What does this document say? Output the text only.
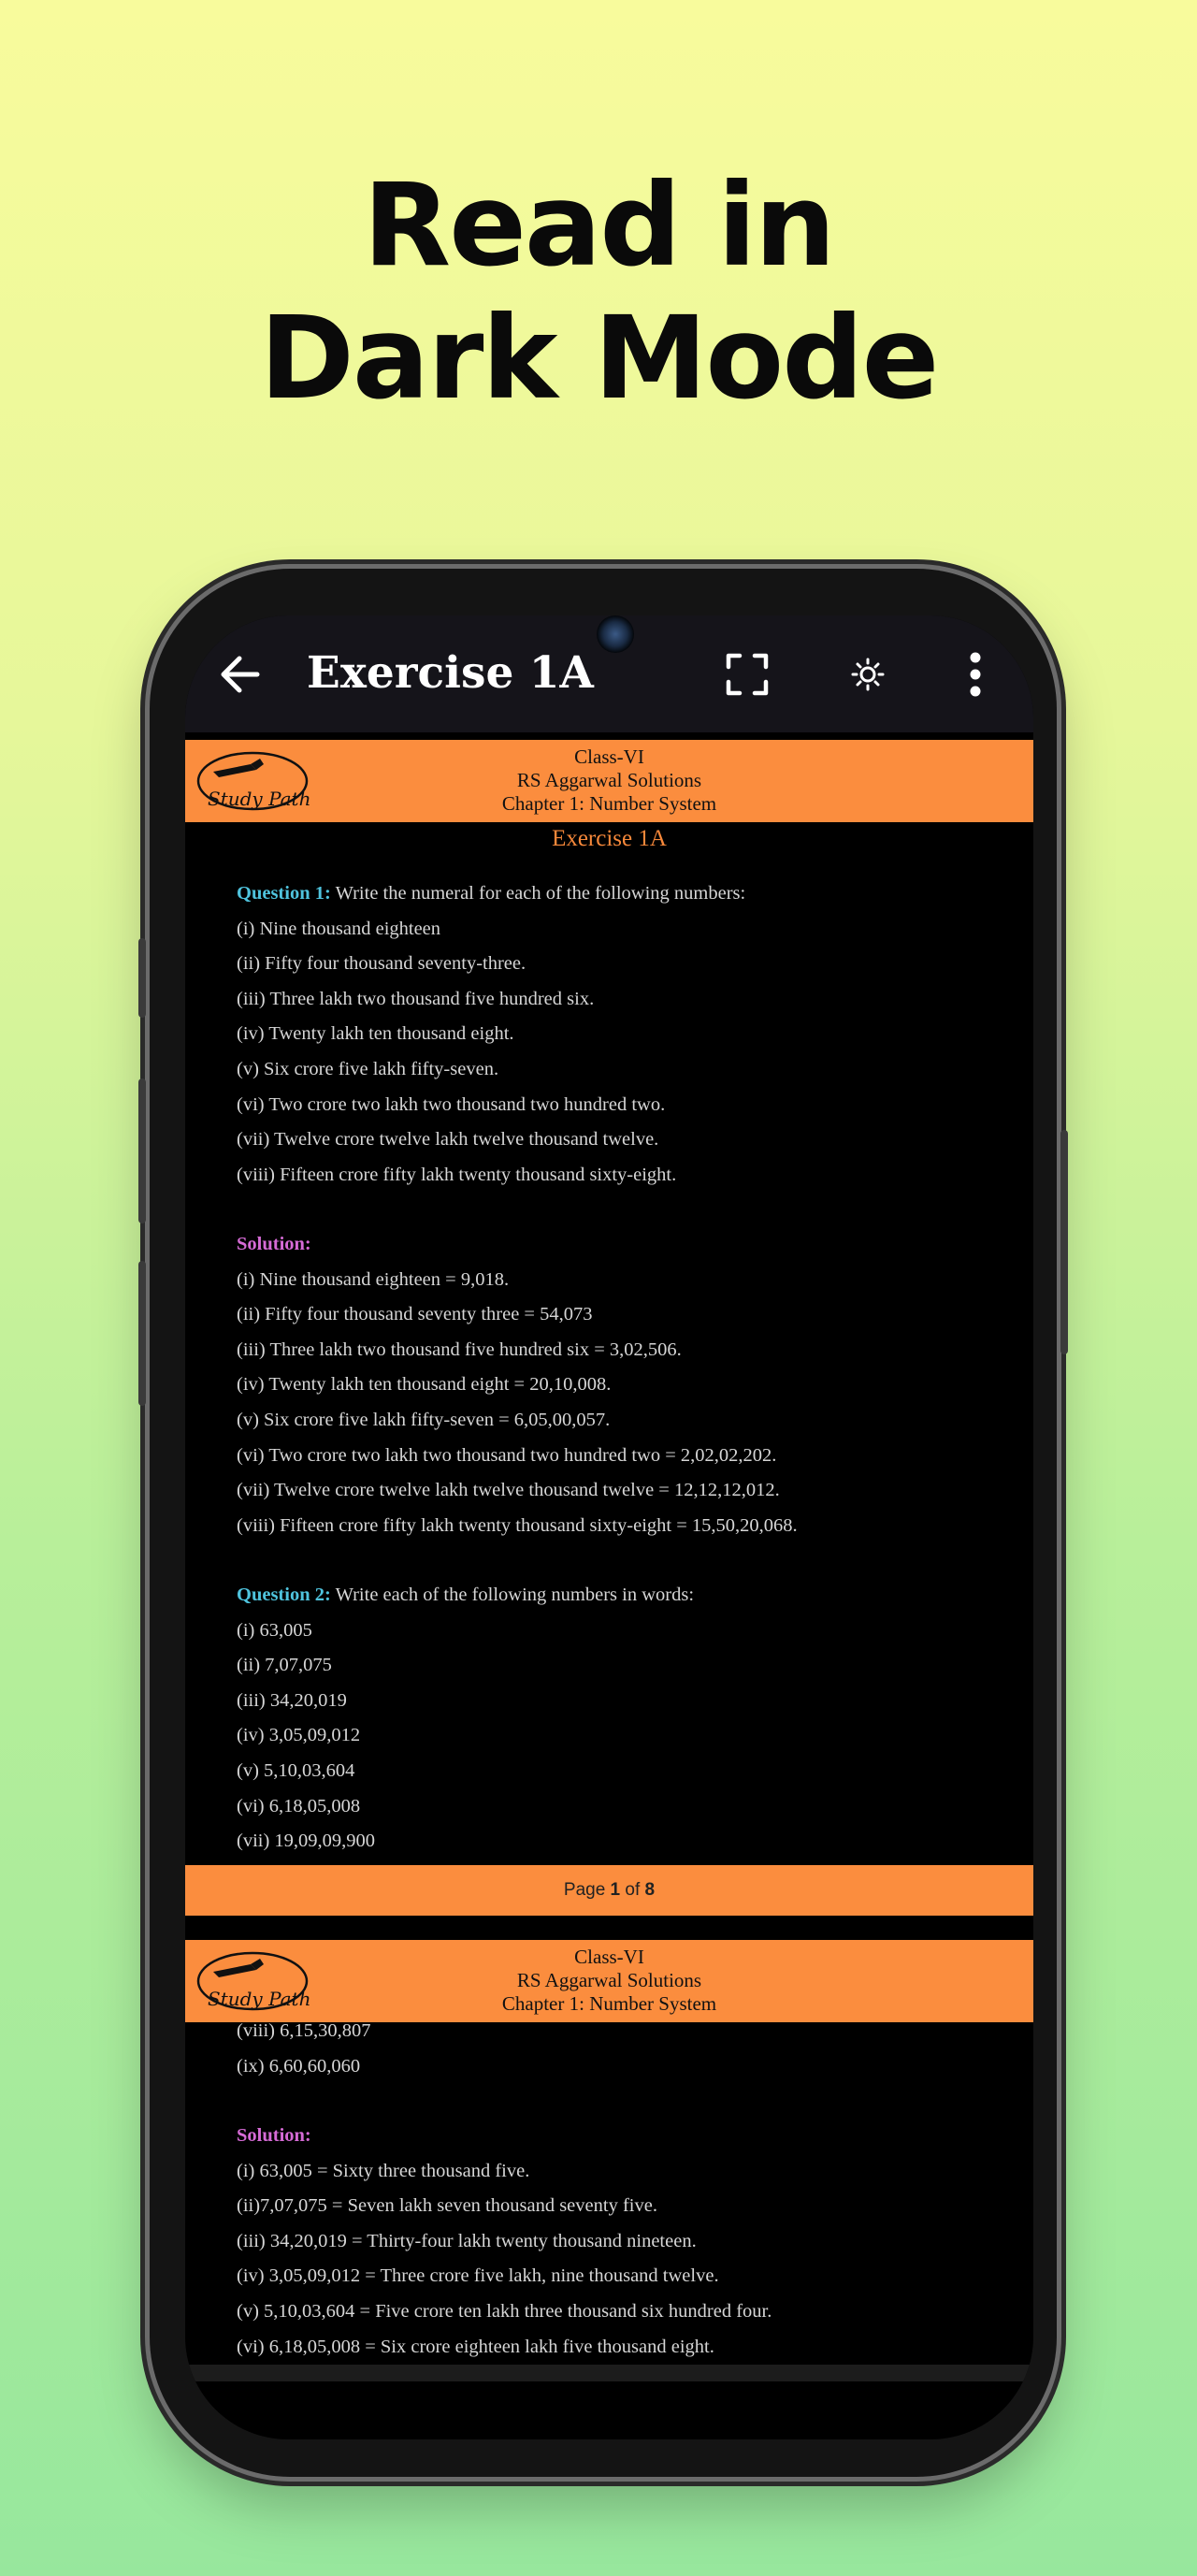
Read in
Dark Mode
Exercise 1A
Study Path
Class-VI
RS Aggarwal Solutions
Chapter 1: Number System
Exercise 1A
Question 1: Write the numeral for each of the following numbers:
(i) Nine thousand eighteen
(ii) Fifty four thousand seventy-three.
(iii) Three lakh two thousand five hundred six.
(iv) Twenty lakh ten thousand eight.
(v) Six crore five lakh fifty-seven.
(vi) Two crore two lakh two thousand two hundred two.
(vii) Twelve crore twelve lakh twelve thousand twelve.
(viii) Fifteen crore fifty lakh twenty thousand sixty-eight.
Solution:
(i) Nine thousand eighteen = 9,018.
(ii) Fifty four thousand seventy three = 54,073
(iii) Three lakh two thousand five hundred six = 3,02,506.
(iv) Twenty lakh ten thousand eight = 20,10,008.
(v) Six crore five lakh fifty-seven = 6,05,00,057.
(vi) Two crore two lakh two thousand two hundred two = 2,02,02,202.
(vii) Twelve crore twelve lakh twelve thousand twelve = 12,12,12,012.
(viii) Fifteen crore fifty lakh twenty thousand sixty-eight = 15,50,20,068.
Question 2: Write each of the following numbers in words:
(i) 63,005
(ii) 7,07,075
(iii) 34,20,019
(iv) 3,05,09,012
(v) 5,10,03,604
(vi) 6,18,05,008
(vii) 19,09,09,900
Page 1 of 8
Study Path
Class-VI
RS Aggarwal Solutions
Chapter 1: Number System
(viii) 6,15,30,807
(ix) 6,60,60,060
Solution:
(i) 63,005 = Sixty three thousand five.
(ii)7,07,075 = Seven lakh seven thousand seventy five.
(iii) 34,20,019 = Thirty-four lakh twenty thousand nineteen.
(iv) 3,05,09,012 = Three crore five lakh, nine thousand twelve.
(v) 5,10,03,604 = Five crore ten lakh three thousand six hundred four.
(vi) 6,18,05,008 = Six crore eighteen lakh five thousand eight.
